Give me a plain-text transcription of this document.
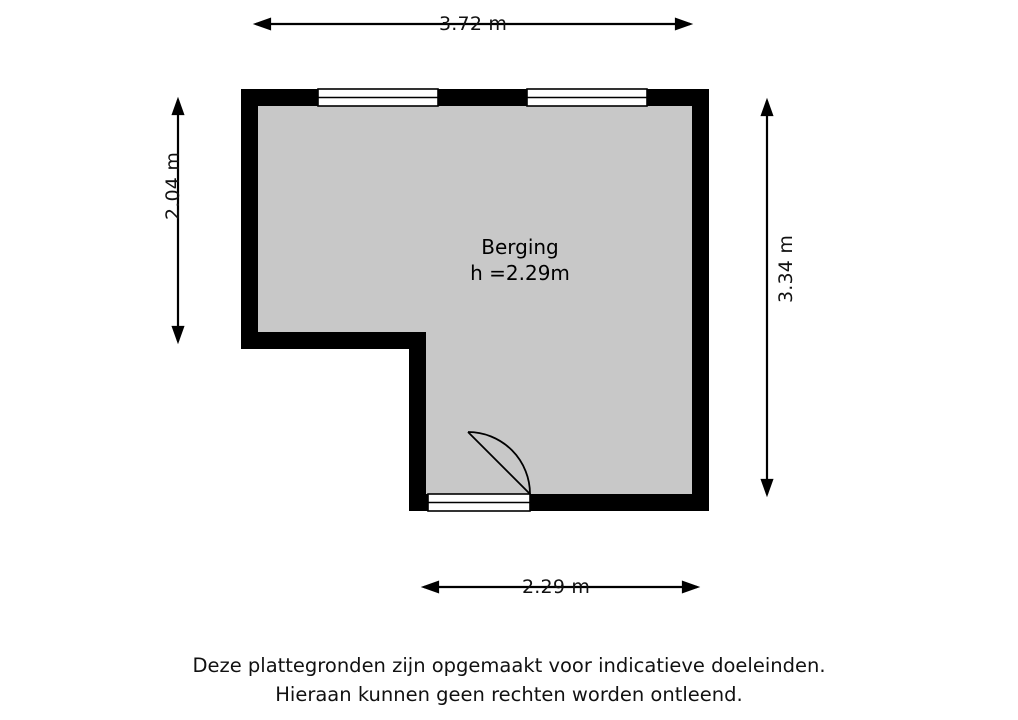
3.72 m
2.29 m
2.04 m
3.34 m
Berging
h =2.29m
Deze plattegronden zijn opgemaakt voor indicatieve doeleinden.
Hieraan kunnen geen rechten worden ontleend.
